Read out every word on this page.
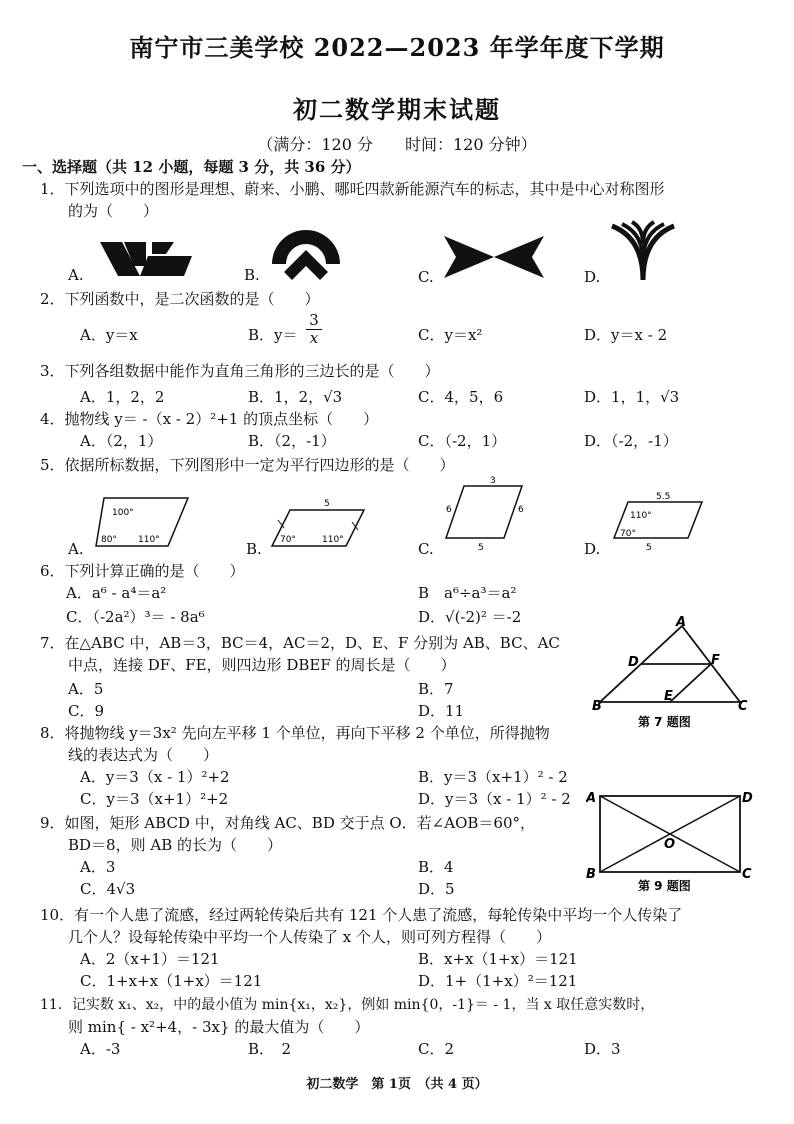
南宁市三美学校 2022—2023 年学年度下学期
初二数学期末试题
（满分：120 分　　时间：120 分钟）
一、选择题（共 12 小题，每题 3 分，共 36 分）
1．下列选项中的图形是理想、蔚来、小鹏、哪吒四款新能源汽车的标志，其中是中心对称图形
的为（　　）
A.	B.	C.	D.
2．下列函数中，是二次函数的是（　　）
A．y＝x	B．$y= \frac{3}{x}$	C．y＝x²	D．y＝x - 2
3．下列各组数据中能作为直角三角形的三边长的是（　　）
A．1，2，2	B．1，2，√3	C．4，5，6	D．1，1，√3
4．抛物线 y＝ -（x - 2）²+1 的顶点坐标（　　）
A．（2，1）	B．（2，-1）	C．（-2，1）	D．（-2，-1）
5．依据所标数据，下列图形中一定为平行四边形的是（　　）
A.
100°
80° 110°	B.
5
70°	110°	C.
3
6	6
5	D.
5.5
110°
70°
5
6．下列计算正确的是（　　）
A．a⁶ - a⁴＝a²	B　a⁶÷a³＝a²
C．（-2a²）³＝ - 8a⁶	D．√(-2)² ＝-2
7．在△ABC 中，AB＝3，BC＝4，AC＝2，D、E、F 分别为 AB、BC、AC
中点，连接 DF、FE，则四边形 DBEF 的周长是（　　）
A．5	B．7
C．9	D．11
A
D	F
B
E
C
第 7 题图
8．将抛物线 y＝3x² 先向左平移 1 个单位，再向下平移 2 个单位，所得抛物
线的表达式为（　　）
A．y＝3（x - 1）²+2	B．y＝3（x+1）² - 2
C．y＝3（x+1）²+2	D．y＝3（x - 1）² - 2
9．如图，矩形 ABCD 中，对角线 AC、BD 交于点 O．若∠AOB＝60°，
BD＝8，则 AB 的长为（　　）
A．3	B．4
C．4√3	D．5
A	D
O
B	C
第 9 题图
10．有一个人患了流感，经过两轮传染后共有 121 个人患了流感，每轮传染中平均一个人传染了
几个人？设每轮传染中平均一个人传染了 x 个人，则可列方程得（　　）
A．2（x+1）＝121	B．x+x（1+x）＝121
C．1+x+x（1+x）＝121	D．1+（1+x）²＝121
11．记实数 x₁、x₂，中的最小值为 min{x₁，x₂}，例如 min{0，-1}＝ - 1，当 x 取任意实数时，
则 min{ - x²+4，- 3x} 的最大值为（　　）
A．-3	B．　2	C．2	D．3
初二数学　第 1页　（共 4 页）
